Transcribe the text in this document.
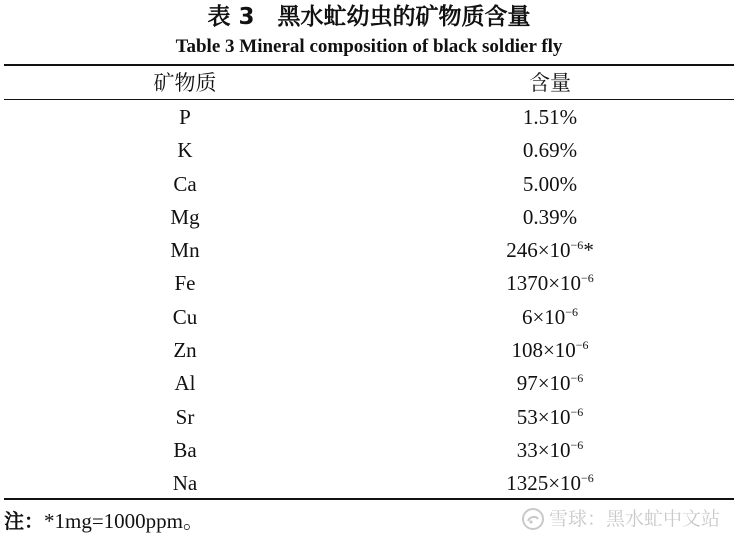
表 3　黑水虻幼虫的矿物质含量
Table 3 Mineral composition of black soldier fly
矿物质	含量
P	1.51%
K	0.69%
Ca	5.00%
Mg	0.39%
Mn	$246\times 10^{-6}*$
Fe	$1370\times 10^{-6}$
Cu	$6\times 10^{-6}$
Zn	$108\times 10^{-6}$
Al	$97\times 10^{-6}$
Sr	$53\times 10^{-6}$
Ba	$33\times 10^{-6}$
Na	$1325\times 10^{-6}$
注：*1mg=1000ppm。	雪球：黑水虻中文站
